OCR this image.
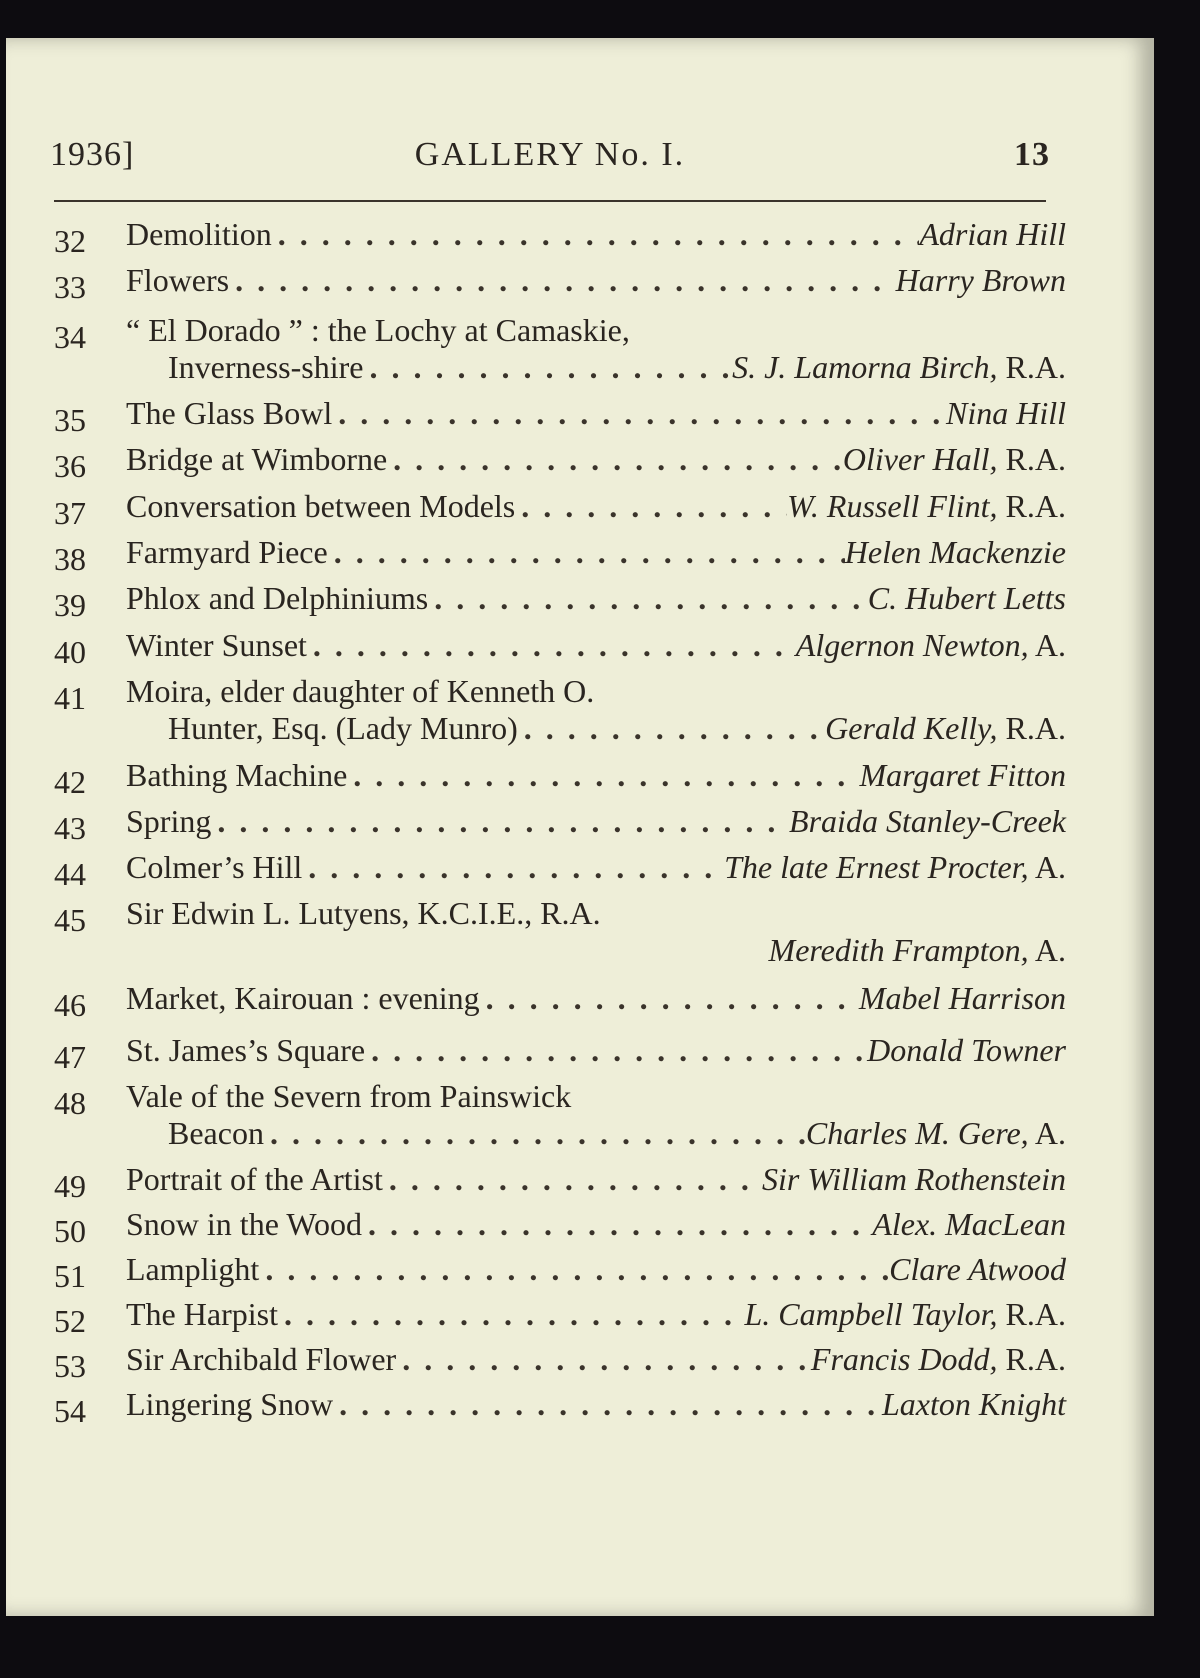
1936]	GALLERY No. I.	13
32	Demolition . . .	Adrian Hill
33	Flowers . . .	Harry Brown
34	“ El Dorado ” : the Lochy at Camaskie,
Inverness-shire . . .	S. J. Lamorna Birch, R.A.
35	The Glass Bowl . . .	Nina Hill
36	Bridge at Wimborne . . .	Oliver Hall, R.A.
37	Conversation between Models . . .	W. Russell Flint, R.A.
38	Farmyard Piece . . .	Helen Mackenzie
39	Phlox and Delphiniums . . .	C. Hubert Letts
40	Winter Sunset . . .	Algernon Newton, A.
41	Moira, elder daughter of Kenneth O.
Hunter, Esq. (Lady Munro) . . .	Gerald Kelly, R.A.
42	Bathing Machine . . .	Margaret Fitton
43	Spring . . .	Braida Stanley-Creek
44	Colmer’s Hill . . .	The late Ernest Procter, A.
45	Sir Edwin L. Lutyens, K.C.I.E., R.A.
Meredith Frampton, A.
46	Market, Kairouan : evening . . .	Mabel Harrison
47	St. James’s Square . . .	Donald Towner
48	Vale of the Severn from Painswick
Beacon . . .	Charles M. Gere, A.
49	Portrait of the Artist . . .	Sir William Rothenstein
50	Snow in the Wood . . .	Alex. MacLean
51	Lamplight . . .	Clare Atwood
52	The Harpist . . .	L. Campbell Taylor, R.A.
53	Sir Archibald Flower . . .	Francis Dodd, R.A.
54	Lingering Snow . . .	Laxton Knight
